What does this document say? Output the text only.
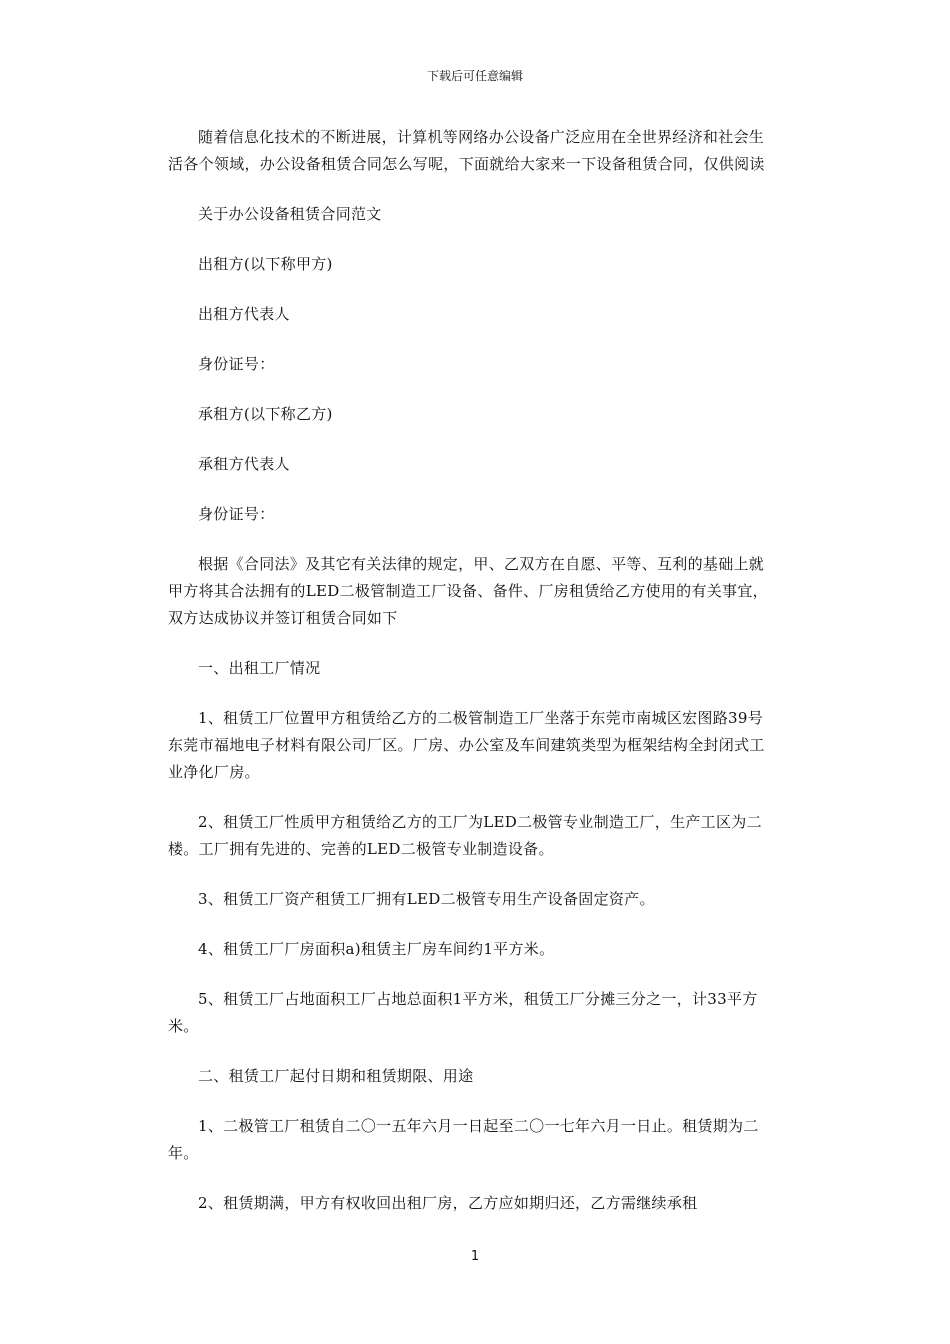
下载后可任意编辑

随着信息化技术的不断进展，计算机等网络办公设备广泛应用在全世界经济和社会生活各个领域，办公设备租赁合同怎么写呢，下面就给大家来一下设备租赁合同，仅供阅读

关于办公设备租赁合同范文

出租方(以下称甲方)

出租方代表人

身份证号：

承租方(以下称乙方)

承租方代表人

身份证号：

根据《合同法》及其它有关法律的规定，甲、乙双方在自愿、平等、互利的基础上就甲方将其合法拥有的LED二极管制造工厂设备、备件、厂房租赁给乙方使用的有关事宜，双方达成协议并签订租赁合同如下

一、出租工厂情况

1、租赁工厂位置甲方租赁给乙方的二极管制造工厂坐落于东莞市南城区宏图路39号东莞市福地电子材料有限公司厂区。厂房、办公室及车间建筑类型为框架结构全封闭式工业净化厂房。

2、租赁工厂性质甲方租赁给乙方的工厂为LED二极管专业制造工厂，生产工区为二楼。工厂拥有先进的、完善的LED二极管专业制造设备。

3、租赁工厂资产租赁工厂拥有LED二极管专用生产设备固定资产。

4、租赁工厂厂房面积a)租赁主厂房车间约1平方米。

5、租赁工厂占地面积工厂占地总面积1平方米，租赁工厂分摊三分之一，计33平方米。

二、租赁工厂起付日期和租赁期限、用途

1、二极管工厂租赁自二〇一五年六月一日起至二〇一七年六月一日止。租赁期为二年。

2、租赁期满，甲方有权收回出租厂房，乙方应如期归还，乙方需继续承租

1
